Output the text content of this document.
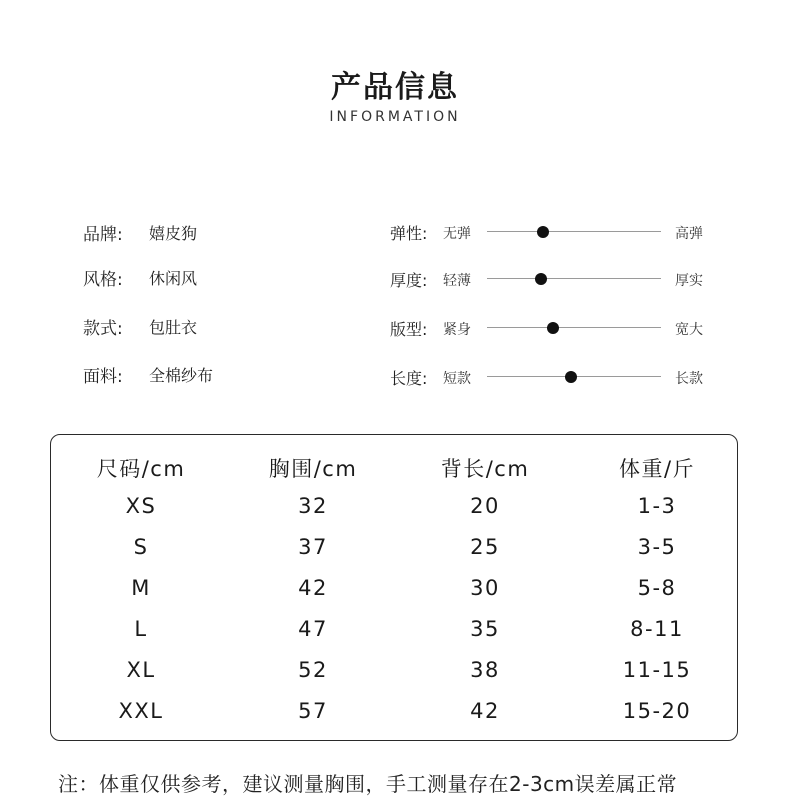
产品信息
INFORMATION
品牌:	嬉皮狗
风格:	休闲风
款式:	包肚衣
面料:	全棉纱布
弹性: 无弹	高弹
厚度: 轻薄	厚实
版型: 紧身	宽大
长度: 短款	长款
尺码/cm	胸围/cm	背长/cm	体重/斤
XS	32	20	1-3
S	37	25	3-5
M	42	30	5-8
L	47	35	8-11
XL	52	38	11-15
XXL	57	42	15-20
注：体重仅供参考，建议测量胸围，手工测量存在2-3cm误差属正常
